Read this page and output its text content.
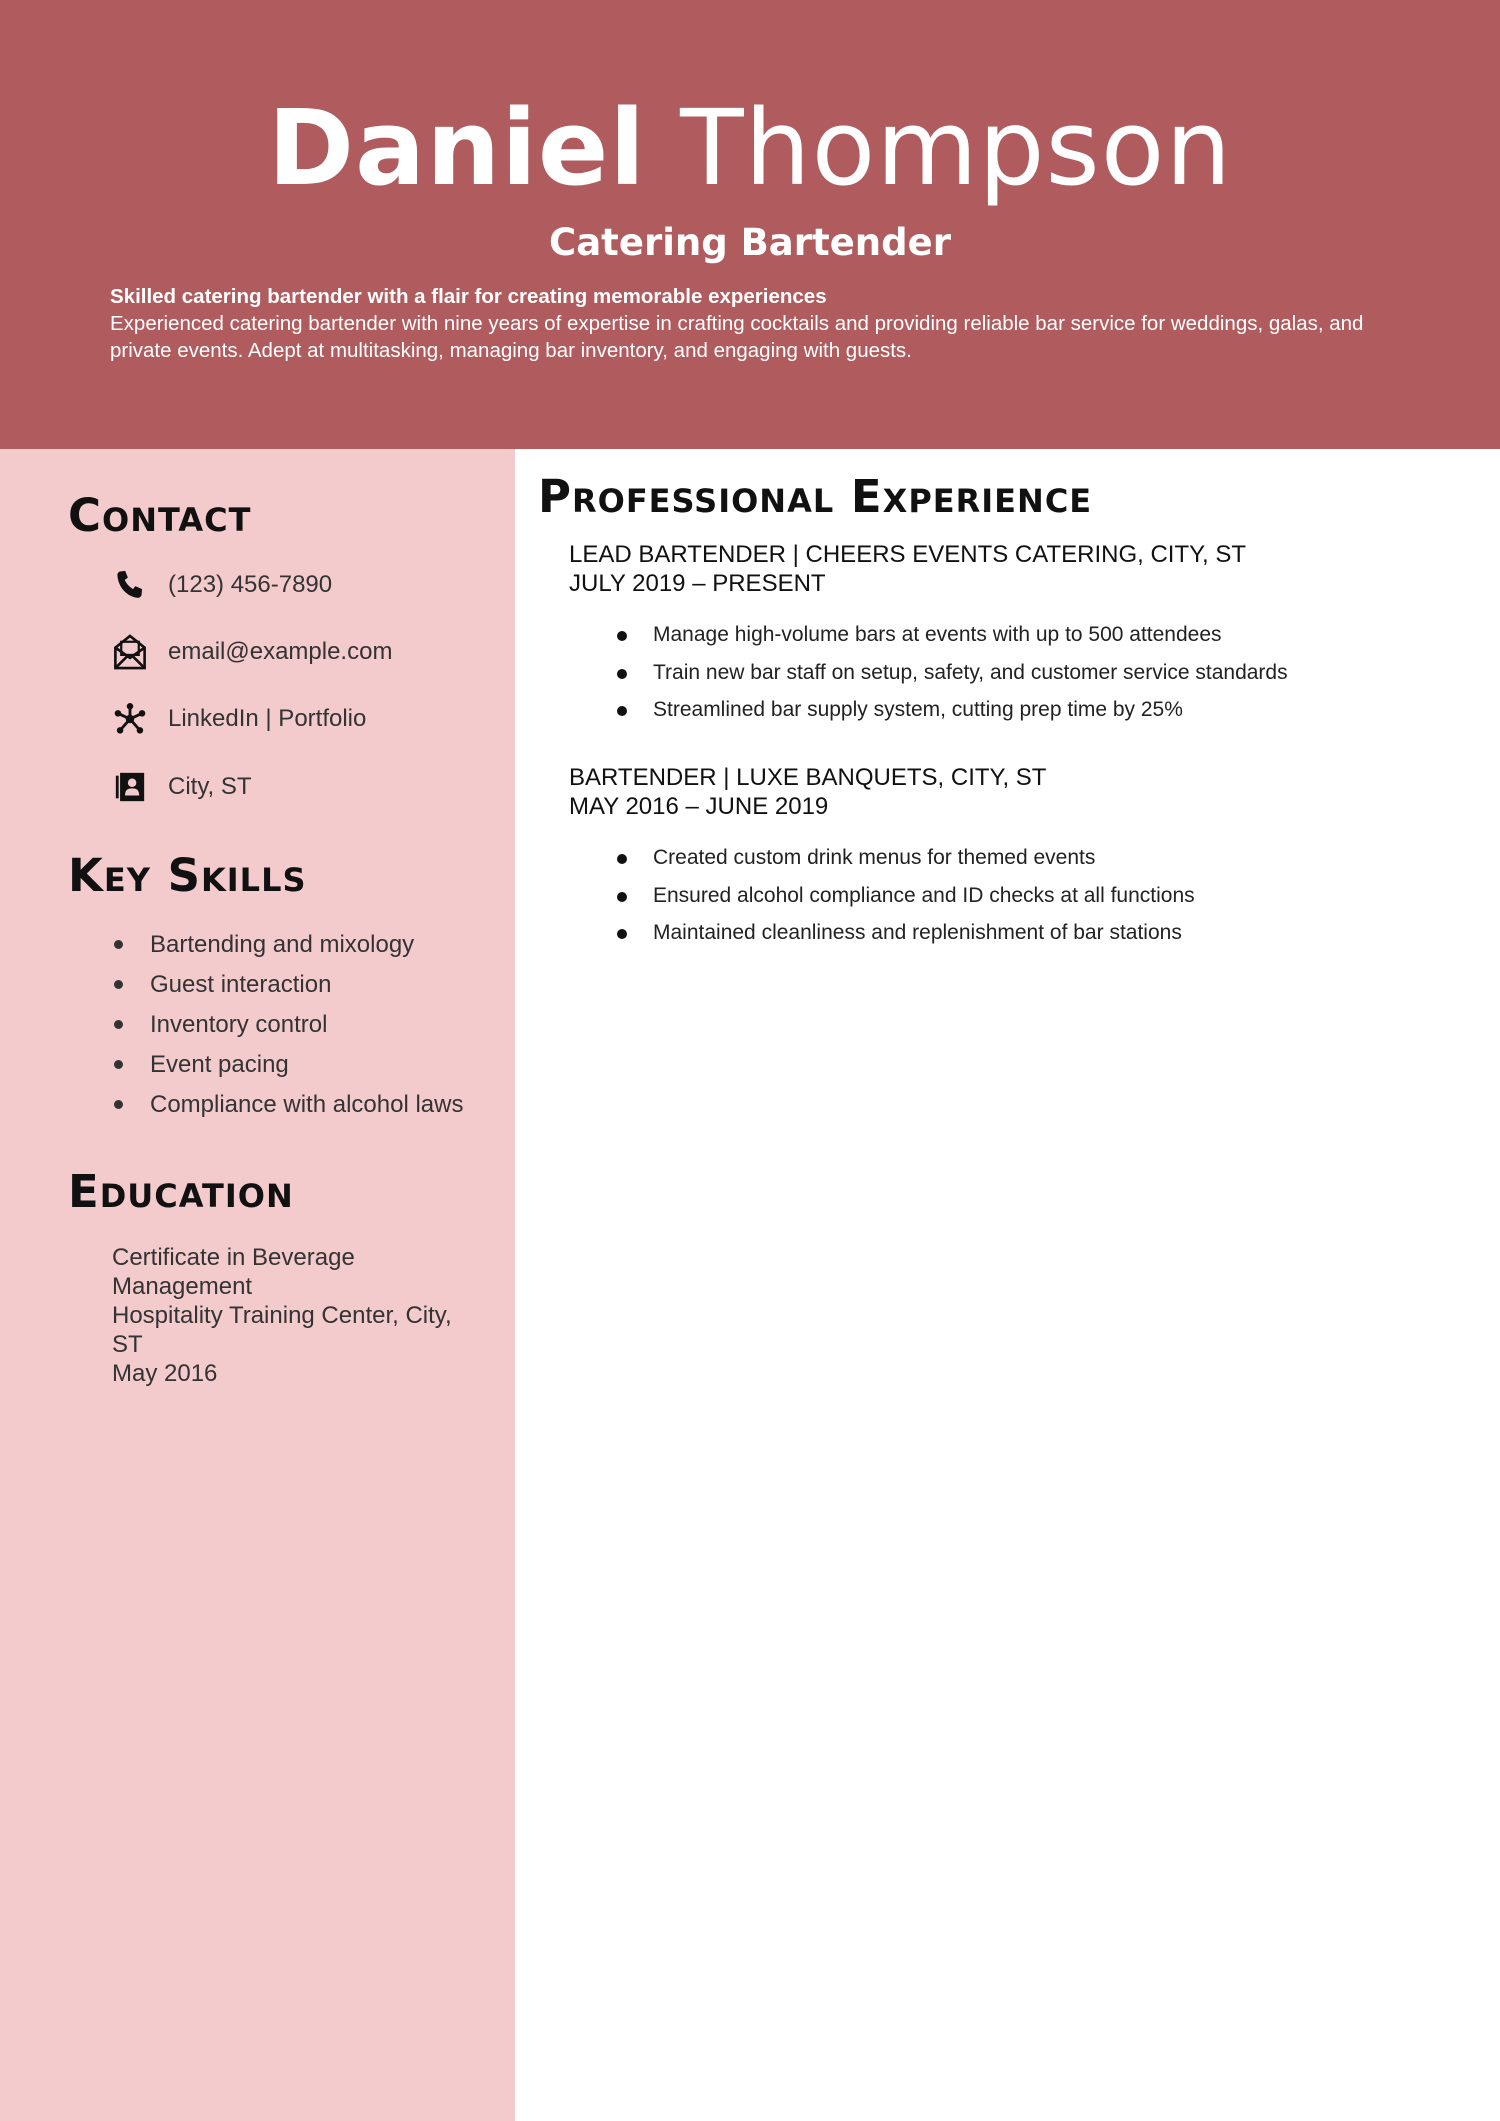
Daniel Thompson
Catering Bartender
Skilled catering bartender with a flair for creating memorable experiences
Experienced catering bartender with nine years of expertise in crafting cocktails and providing reliable bar service for weddings, galas, and private events. Adept at multitasking, managing bar inventory, and engaging with guests.
Contact
(123) 456-7890
email@example.com
LinkedIn | Portfolio
City, ST
Key Skills
Bartending and mixology
Guest interaction
Inventory control
Event pacing
Compliance with alcohol laws
Education
Certificate in Beverage
Management
Hospitality Training Center, City,
ST
May 2016
Professional Experience
LEAD BARTENDER | CHEERS EVENTS CATERING, CITY, ST
JULY 2019 – PRESENT
Manage high-volume bars at events with up to 500 attendees
Train new bar staff on setup, safety, and customer service standards
Streamlined bar supply system, cutting prep time by 25%
BARTENDER | LUXE BANQUETS, CITY, ST
MAY 2016 – JUNE 2019
Created custom drink menus for themed events
Ensured alcohol compliance and ID checks at all functions
Maintained cleanliness and replenishment of bar stations
